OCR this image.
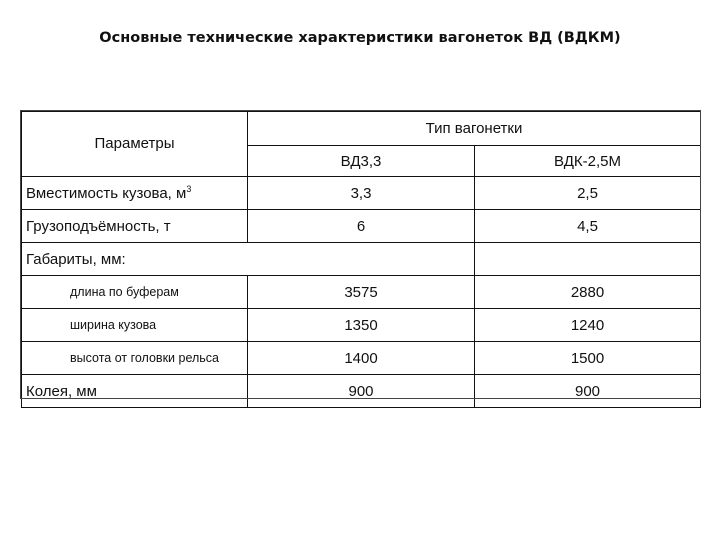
Основные технические характеристики вагонеток ВД (ВДКМ)
Параметры	Тип вагонетки	
	ВД3,3	ВДК-2,5М
Вместимость кузова, $м^3$	3,3	2,5
Грузоподъёмность, т	6	4,5
Габариты, мм:		
длина по буферам	3575	2880
ширина кузова	1350	1240
высота от головки рельса	1400	1500
Колея, мм	900	900
